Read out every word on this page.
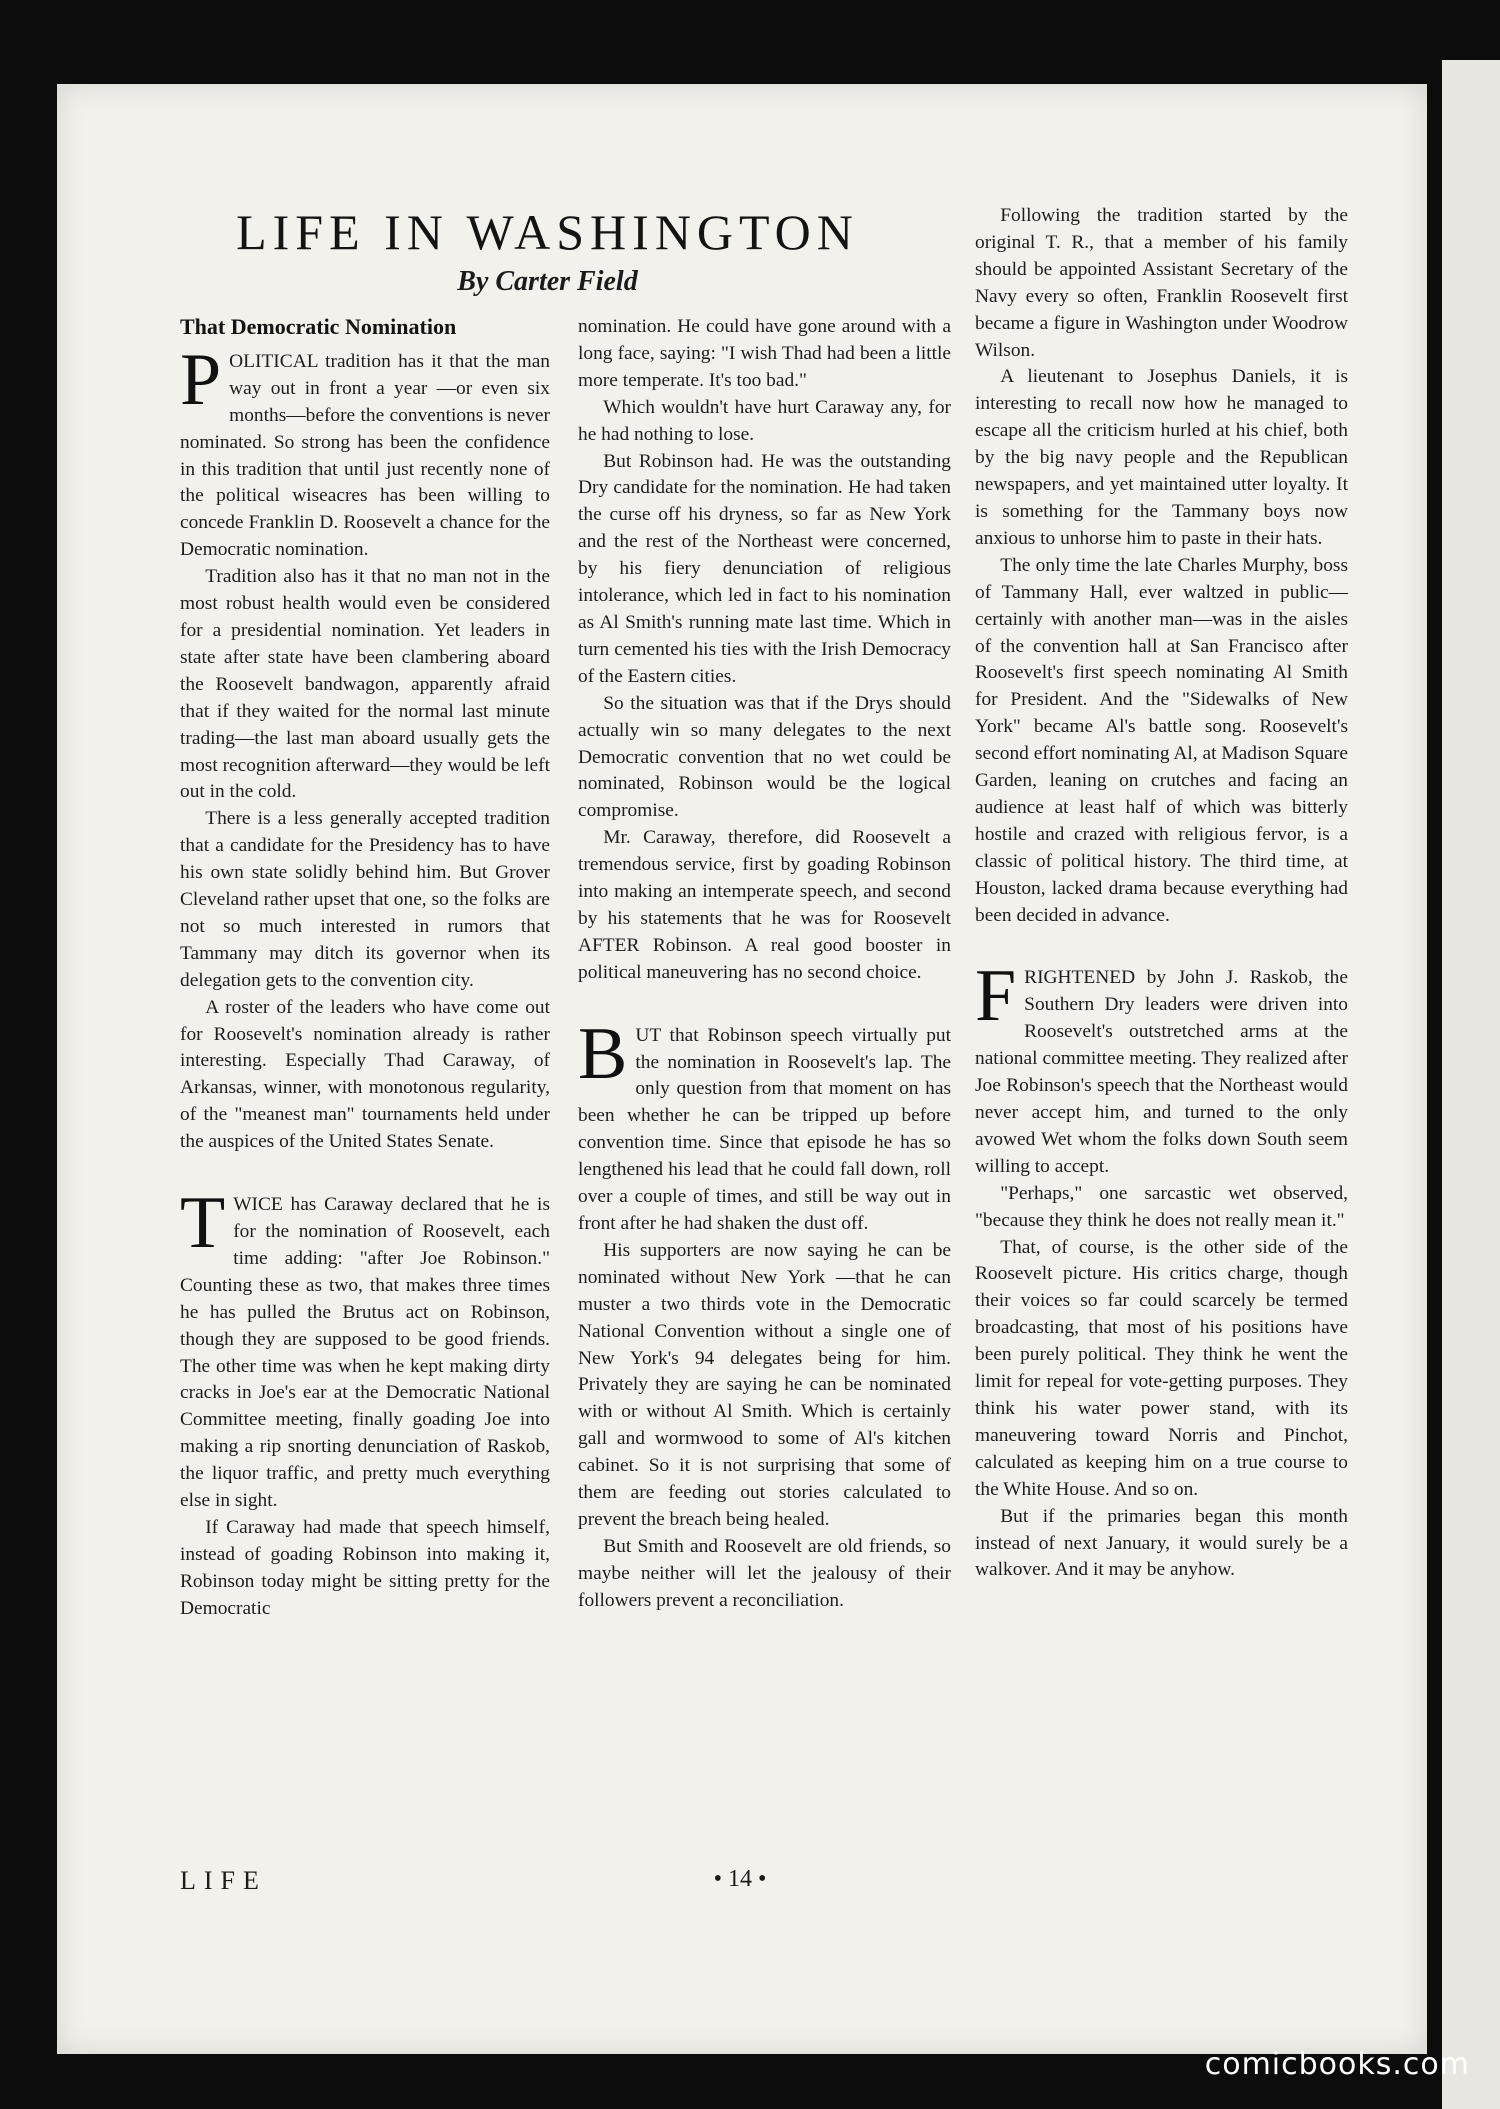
LIFE IN WASHINGTON
By Carter Field
That Democratic Nomination

POLITICAL tradition has it that the man way out in front a year —or even six months—before the conventions is never nominated. So strong has been the confidence in this tradition that until just recently none of the political wiseacres has been willing to concede Franklin D. Roosevelt a chance for the Democratic nomination.

Tradition also has it that no man not in the most robust health would even be considered for a presidential nomination. Yet leaders in state after state have been clambering aboard the Roosevelt bandwagon, apparently afraid that if they waited for the normal last minute trading—the last man aboard usually gets the most recognition afterward—they would be left out in the cold.

There is a less generally accepted tradition that a candidate for the Presidency has to have his own state solidly behind him. But Grover Cleveland rather upset that one, so the folks are not so much interested in rumors that Tammany may ditch its governor when its delegation gets to the convention city.

A roster of the leaders who have come out for Roosevelt's nomination already is rather interesting. Especially Thad Caraway, of Arkansas, winner, with monotonous regularity, of the "meanest man" tournaments held under the auspices of the United States Senate.

TWICE has Caraway declared that he is for the nomination of Roosevelt, each time adding: "after Joe Robinson." Counting these as two, that makes three times he has pulled the Brutus act on Robinson, though they are supposed to be good friends. The other time was when he kept making dirty cracks in Joe's ear at the Democratic National Committee meeting, finally goading Joe into making a rip snorting denunciation of Raskob, the liquor traffic, and pretty much everything else in sight.

If Caraway had made that speech himself, instead of goading Robinson into making it, Robinson today might be sitting pretty for the Democratic

nomination. He could have gone around with a long face, saying: "I wish Thad had been a little more temperate. It's too bad."

Which wouldn't have hurt Caraway any, for he had nothing to lose.

But Robinson had. He was the outstanding Dry candidate for the nomination. He had taken the curse off his dryness, so far as New York and the rest of the Northeast were concerned, by his fiery denunciation of religious intolerance, which led in fact to his nomination as Al Smith's running mate last time. Which in turn cemented his ties with the Irish Democracy of the Eastern cities.

So the situation was that if the Drys should actually win so many delegates to the next Democratic convention that no wet could be nominated, Robinson would be the logical compromise.

Mr. Caraway, therefore, did Roosevelt a tremendous service, first by goading Robinson into making an intemperate speech, and second by his statements that he was for Roosevelt AFTER Robinson. A real good booster in political maneuvering has no second choice.

BUT that Robinson speech virtually put the nomination in Roosevelt's lap. The only question from that moment on has been whether he can be tripped up before convention time. Since that episode he has so lengthened his lead that he could fall down, roll over a couple of times, and still be way out in front after he had shaken the dust off.

His supporters are now saying he can be nominated without New York —that he can muster a two thirds vote in the Democratic National Convention without a single one of New York's 94 delegates being for him. Privately they are saying he can be nominated with or without Al Smith. Which is certainly gall and wormwood to some of Al's kitchen cabinet. So it is not surprising that some of them are feeding out stories calculated to prevent the breach being healed.

But Smith and Roosevelt are old friends, so maybe neither will let the jealousy of their followers prevent a reconciliation.

Following the tradition started by the original T. R., that a member of his family should be appointed Assistant Secretary of the Navy every so often, Franklin Roosevelt first became a figure in Washington under Woodrow Wilson.

A lieutenant to Josephus Daniels, it is interesting to recall now how he managed to escape all the criticism hurled at his chief, both by the big navy people and the Republican newspapers, and yet maintained utter loyalty. It is something for the Tammany boys now anxious to unhorse him to paste in their hats.

The only time the late Charles Murphy, boss of Tammany Hall, ever waltzed in public—certainly with another man—was in the aisles of the convention hall at San Francisco after Roosevelt's first speech nominating Al Smith for President. And the "Sidewalks of New York" became Al's battle song. Roosevelt's second effort nominating Al, at Madison Square Garden, leaning on crutches and facing an audience at least half of which was bitterly hostile and crazed with religious fervor, is a classic of political history. The third time, at Houston, lacked drama because everything had been decided in advance.

FRIGHTENED by John J. Raskob, the Southern Dry leaders were driven into Roosevelt's outstretched arms at the national committee meeting. They realized after Joe Robinson's speech that the Northeast would never accept him, and turned to the only avowed Wet whom the folks down South seem willing to accept.

"Perhaps," one sarcastic wet observed, "because they think he does not really mean it."

That, of course, is the other side of the Roosevelt picture. His critics charge, though their voices so far could scarcely be termed broadcasting, that most of his positions have been purely political. They think he went the limit for repeal for vote-getting purposes. They think his water power stand, with its maneuvering toward Norris and Pinchot, calculated as keeping him on a true course to the White House. And so on.

But if the primaries began this month instead of next January, it would surely be a walkover. And it may be anyhow.

LIFE	• 14 •
comicbooks.com
